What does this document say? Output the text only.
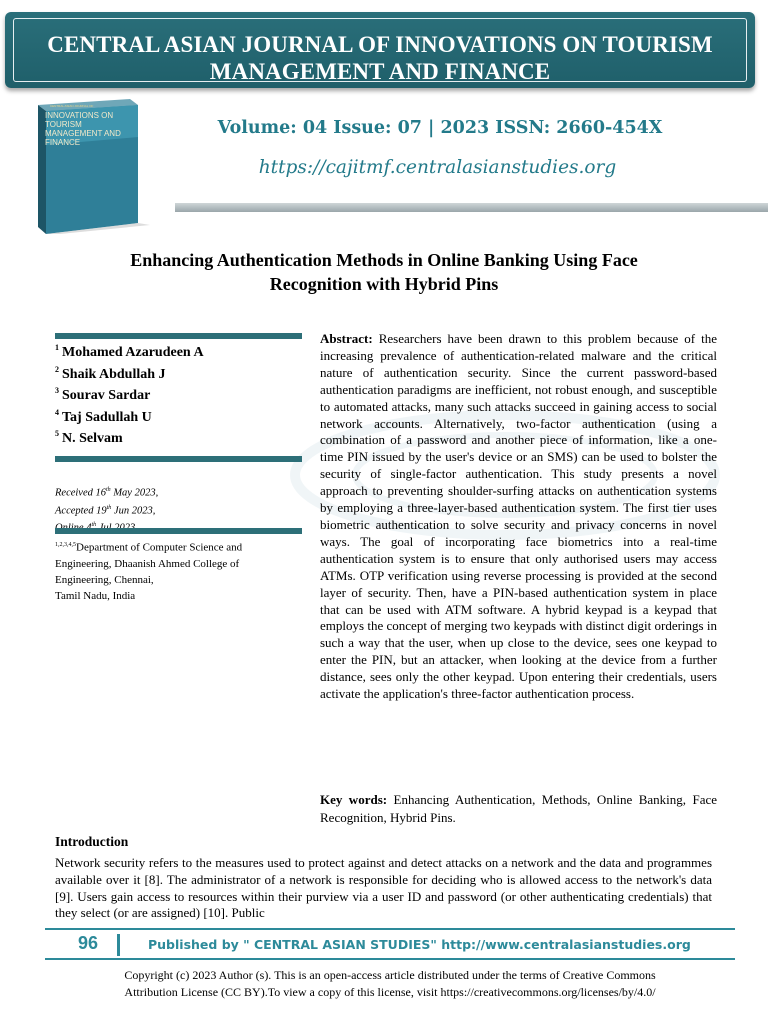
CENTRAL ASIAN JOURNAL OF INNOVATIONS ON TOURISM
MANAGEMENT AND FINANCE
CENTRAL ASIAN JOURNAL OF
INNOVATIONS ON TOURISM MANAGEMENT AND FINANCE
Volume: 04 Issue: 07 | 2023 ISSN: 2660-454X
https://cajitmf.centralasianstudies.org
Enhancing Authentication Methods in Online Banking Using Face
Recognition with Hybrid Pins
$^1$ Mohamed Azarudeen A
$^2$ Shaik Abdullah J
$^3$ Sourav Sardar
$^4$ Taj Sadullah U
$^5$ N. Selvam
Received 16th May 2023,
Accepted 19th Jun 2023,
$^{th}$
$^{1,2,3,4,5}$Department of Computer Science and
Engineering, Dhaanish Ahmed College of
Engineering, Chennai,
Tamil Nadu, India
Abstract: Researchers have been drawn to this problem because of the increasing prevalence of authentication-related malware and the critical nature of authentication security. Since the current password-based authentication paradigms are inefficient, not robust enough, and susceptible to automated attacks, many such attacks succeed in gaining access to social network accounts. Alternatively, two-factor authentication (using a combination of a password and another piece of information, like a one-time PIN issued by the user's device or an SMS) can be used to bolster the security of single-factor authentication. This study presents a novel approach to preventing shoulder-surfing attacks on authentication systems by employing a three-layer-based authentication system. The first tier uses biometric authentication to solve security and privacy concerns in novel ways. The goal of incorporating face biometrics into a real-time authentication system is to ensure that only authorised users may access ATMs. OTP verification using reverse processing is provided at the second layer of security. Then, have a PIN-based authentication system in place that can be used with ATM software. A hybrid keypad is a keypad that employs the concept of merging two keypads with distinct digit orderings in such a way that the user, when up close to the device, sees one keypad to enter the PIN, but an attacker, when looking at the device from a further distance, sees only the other keypad. Upon entering their credentials, users activate the application's three-factor authentication process.
Key words: Enhancing Authentication, Methods, Online Banking, Face Recognition, Hybrid Pins.
Introduction
Network security refers to the measures used to protect against and detect attacks on a network and the data and programmes available over it [8]. The administrator of a network is responsible for deciding who is allowed access to the network's data [9]. Users gain access to resources within their purview via a user ID and password (or other authenticating credentials) that they select (or are assigned) [10]. Public
96	Published by " CENTRAL ASIAN STUDIES" http://www.centralasianstudies.org
Copyright (c) 2023 Author (s). This is an open-access article distributed under the terms of Creative Commons
Attribution License (CC BY).To view a copy of this license, visit https://creativecommons.org/licenses/by/4.0/
